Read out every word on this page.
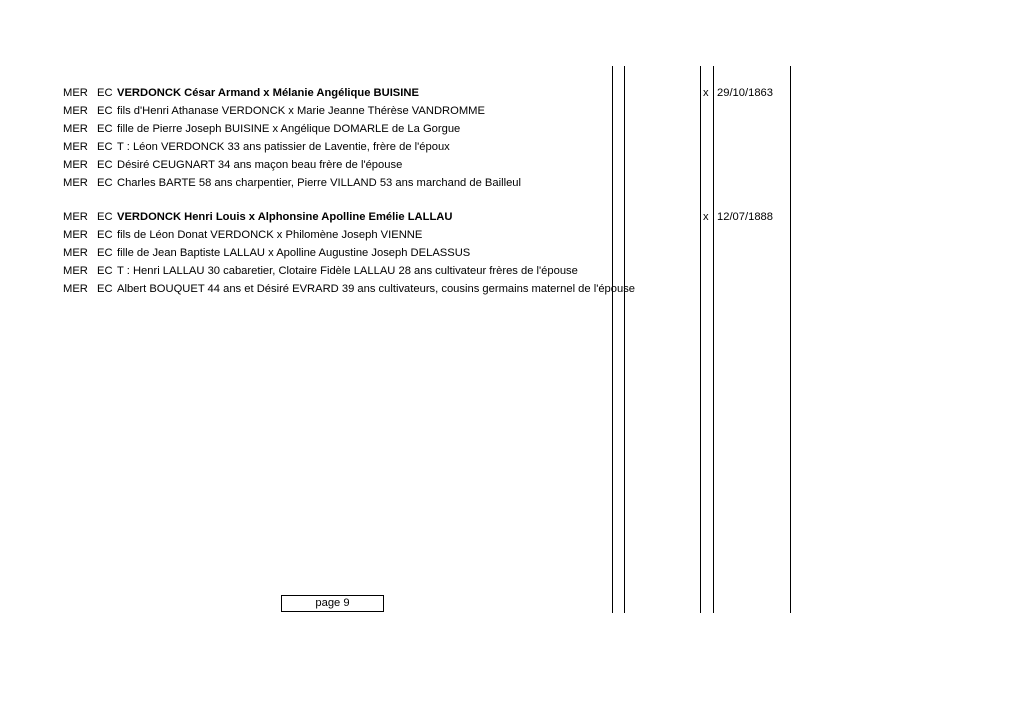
MER EC VERDONCK César Armand x Mélanie Angélique BUISINE	x 29/10/1863
MER EC fils d'Henri Athanase VERDONCK x Marie Jeanne Thérèse VANDROMME
MER EC fille de Pierre Joseph BUISINE x Angélique DOMARLE de La Gorgue
MER EC T : Léon VERDONCK 33 ans patissier de Laventie, frère de l'époux
MER EC Désiré CEUGNART 34 ans maçon beau frère de l'épouse
MER EC Charles BARTE 58 ans charpentier, Pierre VILLAND 53 ans marchand de Bailleul
MER EC VERDONCK Henri Louis x Alphonsine Apolline Emélie LALLAU	x 12/07/1888
MER EC fils de Léon Donat VERDONCK x Philomène Joseph VIENNE
MER EC fille de Jean Baptiste LALLAU x Apolline Augustine Joseph DELASSUS
MER EC T : Henri LALLAU 30 cabaretier, Clotaire Fidèle LALLAU 28 ans cultivateur frères de l'épouse
MER EC Albert BOUQUET 44 ans et Désiré EVRARD 39 ans cultivateurs, cousins germains maternel de l'épouse
page 9
